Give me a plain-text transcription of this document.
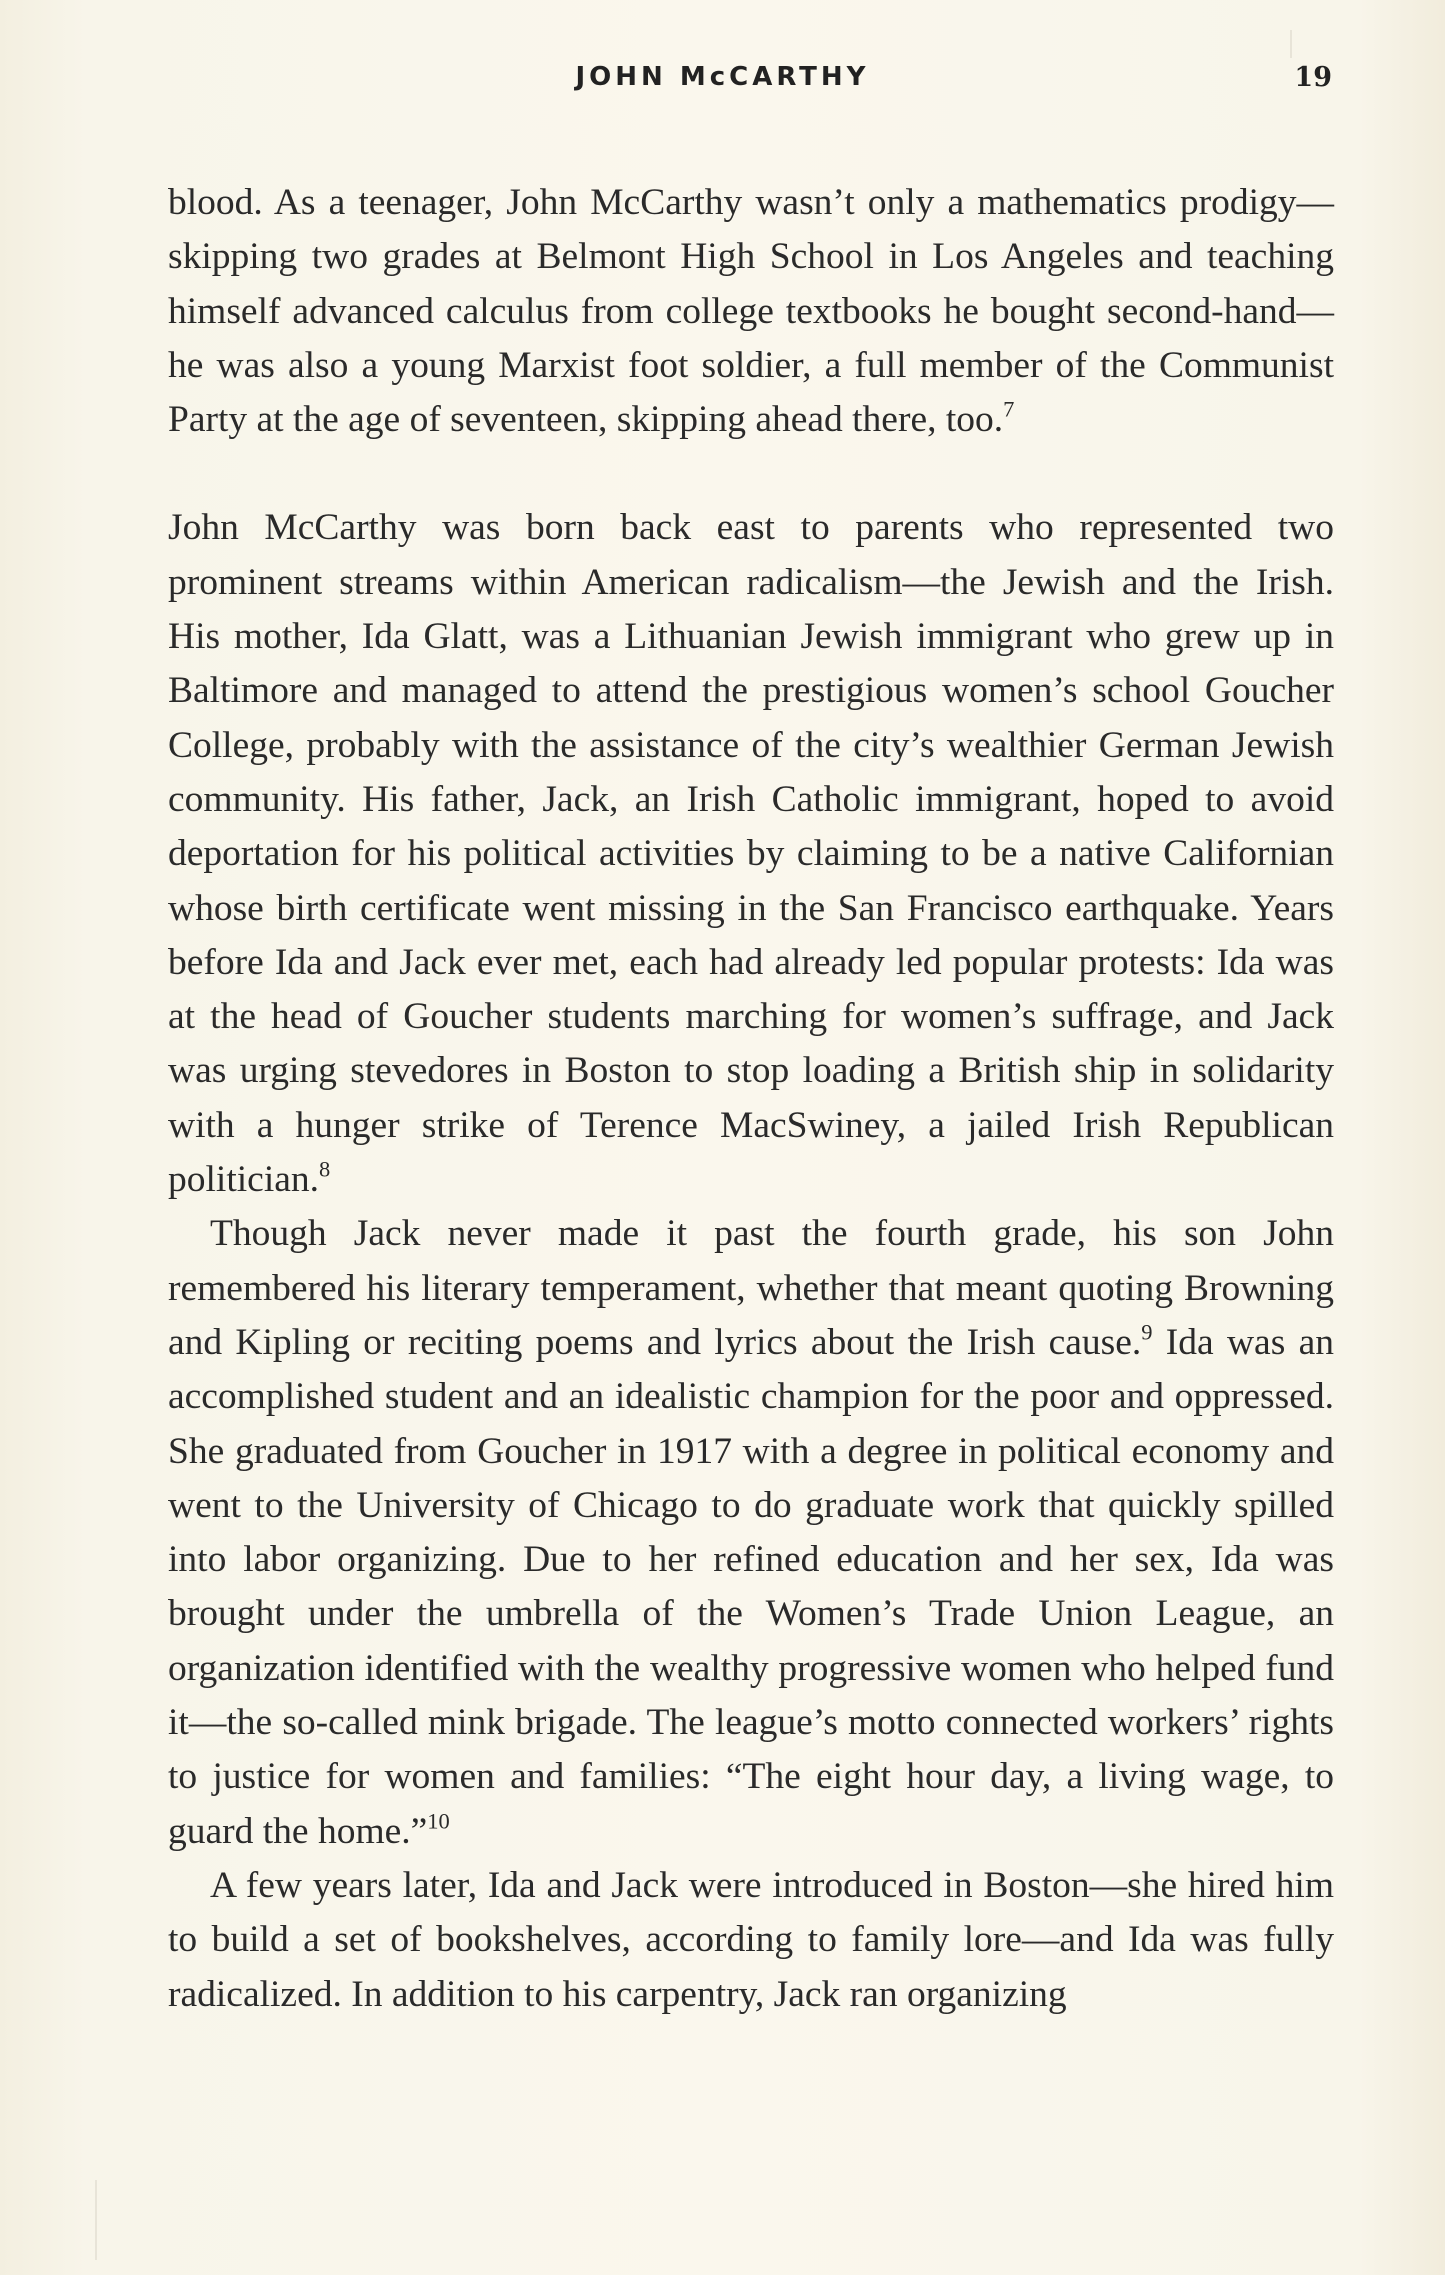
JOHN McCARTHY	19

blood. As a teenager, John McCarthy wasn’t only a mathematics prodigy—skipping two grades at Belmont High School in Los Angeles and teaching himself advanced calculus from college textbooks he bought second-hand—he was also a young Marxist foot soldier, a full member of the Communist Party at the age of seventeen, skipping ahead there, too.$^7$

John McCarthy was born back east to parents who represented two prominent streams within American radicalism—the Jewish and the Irish. His mother, Ida Glatt, was a Lithuanian Jewish immigrant who grew up in Baltimore and managed to attend the prestigious women’s school Goucher College, probably with the assistance of the city’s wealthier German Jewish community. His father, Jack, an Irish Catholic immigrant, hoped to avoid deportation for his political activities by claiming to be a native Californian whose birth certificate went missing in the San Francisco earthquake. Years before Ida and Jack ever met, each had already led popular protests: Ida was at the head of Goucher students marching for women’s suffrage, and Jack was urging stevedores in Boston to stop loading a British ship in solidarity with a hunger strike of Terence MacSwiney, a jailed Irish Republican politician.$^8$

Though Jack never made it past the fourth grade, his son John remembered his literary temperament, whether that meant quoting Browning and Kipling or reciting poems and lyrics about the Irish cause.$^9$ Ida was an accomplished student and an idealistic champion for the poor and oppressed. She graduated from Goucher in 1917 with a degree in political economy and went to the University of Chicago to do graduate work that quickly spilled into labor organizing. Due to her refined education and her sex, Ida was brought under the umbrella of the Women’s Trade Union League, an organization identified with the wealthy progressive women who helped fund it—the so-called mink brigade. The league’s motto connected workers’ rights to justice for women and families: “The eight hour day, a living wage, to guard the home.”$^{10}$

A few years later, Ida and Jack were introduced in Boston—she hired him to build a set of bookshelves, according to family lore—and Ida was fully radicalized. In addition to his carpentry, Jack ran organizing
